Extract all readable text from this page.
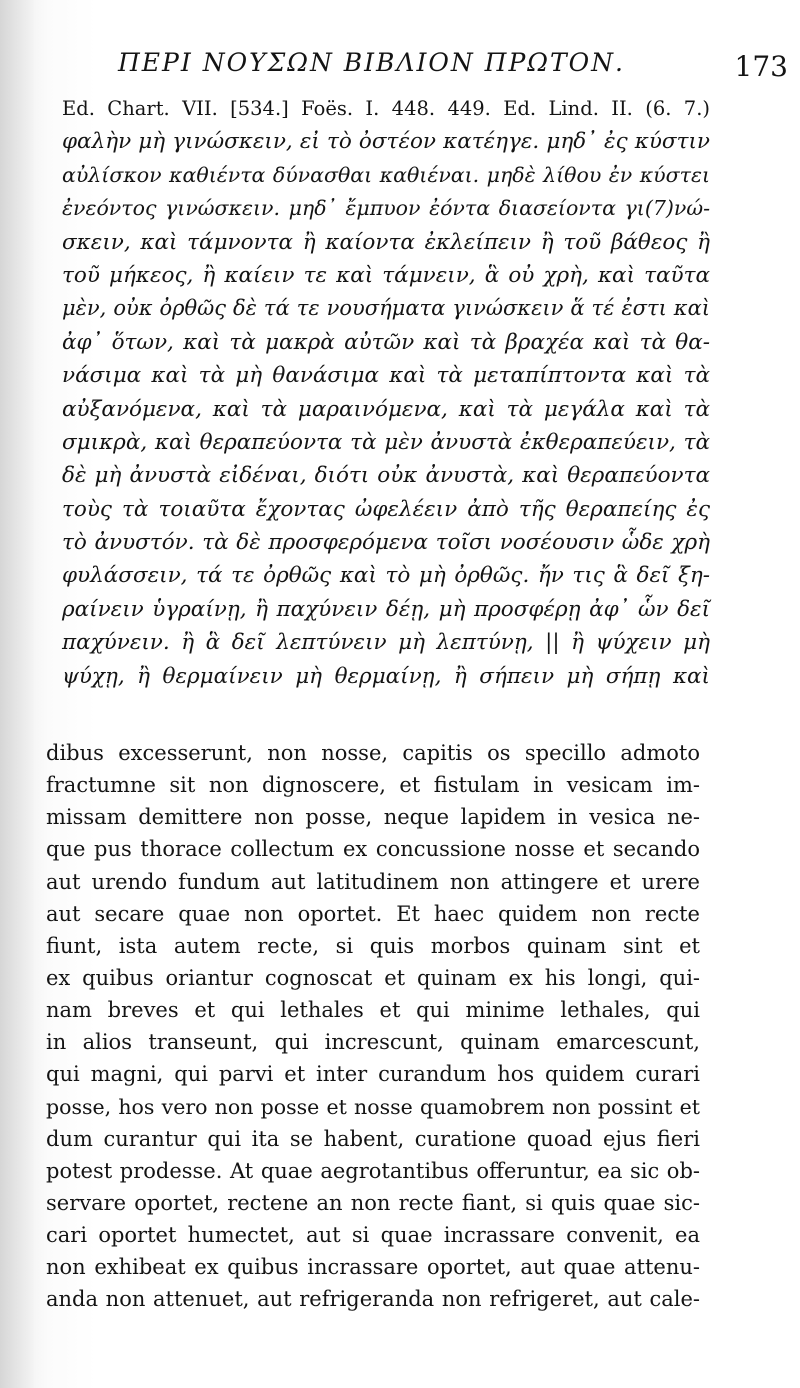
ΠΕΡΙ ΝΟΥΣΩΝ ΒΙΒΛΙΟΝ ΠΡΩΤΟΝ.	173
Ed. Chart. VII. [534.] Foës. I. 448. 449. Ed. Lind. II. (6. 7.)
φαλὴν μὴ γινώσκειν, εἰ τὸ ὀστέον κατέηγε. μηδ᾽ ἐς κύστιν
αὐλίσκον καθιέντα δύνασθαι καθιέναι. μηδὲ λίθου ἐν κύστει
ἐνεόντος γινώσκειν. μηδ᾽ ἔμπυον ἐόντα διασείοντα γι(7)νώ-
σκειν, καὶ τάμνοντα ἢ καίοντα ἐκλείπειν ἢ τοῦ βάθεος ἢ
τοῦ μήκεος, ἢ καίειν τε καὶ τάμνειν, ἃ οὐ χρὴ, καὶ ταῦτα
μὲν, οὐκ ὀρθῶς δὲ τά τε νουσήματα γινώσκειν ἅ τέ ἐστι καὶ
ἀφ᾽ ὅτων, καὶ τὰ μακρὰ αὐτῶν καὶ τὰ βραχέα καὶ τὰ θα-
νάσιμα καὶ τὰ μὴ θανάσιμα καὶ τὰ μεταπίπτοντα καὶ τὰ
αὐξανόμενα, καὶ τὰ μαραινόμενα, καὶ τὰ μεγάλα καὶ τὰ
σμικρὰ, καὶ θεραπεύοντα τὰ μὲν ἀνυστὰ ἐκθεραπεύειν, τὰ
δὲ μὴ ἀνυστὰ εἰδέναι, διότι οὐκ ἀνυστὰ, καὶ θεραπεύοντα
τοὺς τὰ τοιαῦτα ἔχοντας ὠφελέειν ἀπὸ τῆς θεραπείης ἐς
τὸ ἀνυστόν. τὰ δὲ προσφερόμενα τοῖσι νοσέουσιν ὧδε χρὴ
φυλάσσειν, τά τε ὀρθῶς καὶ τὸ μὴ ὀρθῶς. ἤν τις ἃ δεῖ ξη-
ραίνειν ὑγραίνῃ, ἢ παχύνειν δέῃ, μὴ προσφέρῃ ἀφ᾽ ὧν δεῖ
παχύνειν. ἢ ἃ δεῖ λεπτύνειν μὴ λεπτύνῃ, || ἢ ψύχειν μὴ
ψύχῃ, ἢ θερμαίνειν μὴ θερμαίνῃ, ἢ σήπειν μὴ σήπῃ καὶ
dibus excesserunt, non nosse, capitis os specillo admoto
fractumne sit non dignoscere, et fistulam in vesicam im-
missam demittere non posse, neque lapidem in vesica ne-
que pus thorace collectum ex concussione nosse et secando
aut urendo fundum aut latitudinem non attingere et urere
aut secare quae non oportet. Et haec quidem non recte
fiunt, ista autem recte, si quis morbos quinam sint et
ex quibus oriantur cognoscat et quinam ex his longi, qui-
nam breves et qui lethales et qui minime lethales, qui
in alios transeunt, qui increscunt, quinam emarcescunt,
qui magni, qui parvi et inter curandum hos quidem curari
posse, hos vero non posse et nosse quamobrem non possint et
dum curantur qui ita se habent, curatione quoad ejus fieri
potest prodesse. At quae aegrotantibus offeruntur, ea sic ob-
servare oportet, rectene an non recte fiant, si quis quae sic-
cari oportet humectet, aut si quae incrassare convenit, ea
non exhibeat ex quibus incrassare oportet, aut quae attenu-
anda non attenuet, aut refrigeranda non refrigeret, aut cale-
